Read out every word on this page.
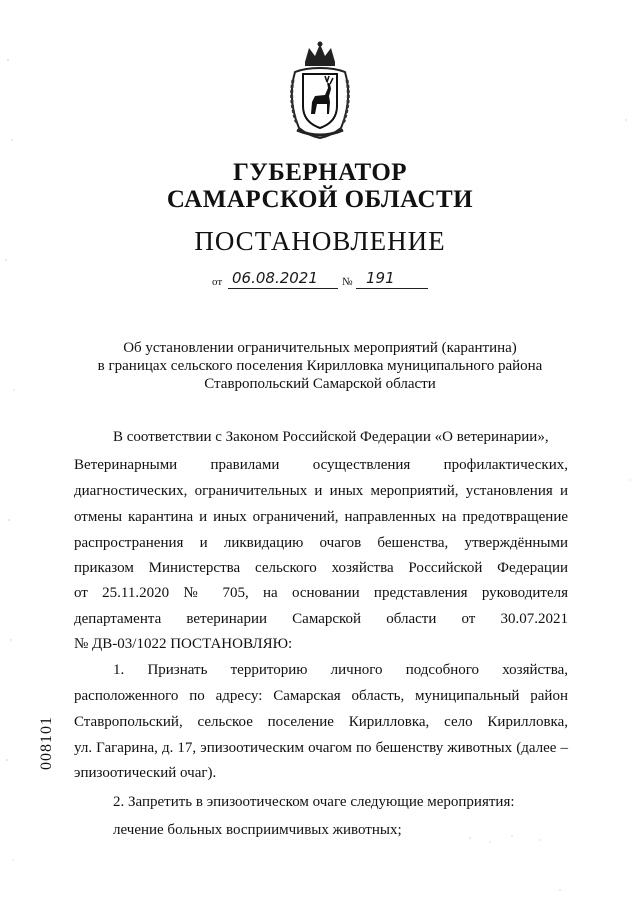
ГУБЕРНАТОР
САМАРСКОЙ ОБЛАСТИ
ПОСТАНОВЛЕНИЕ
от 06.08.2021 № 191
Об установлении ограничительных мероприятий (карантина)
в границах сельского поселения Кирилловка муниципального района
Ставропольский Самарской области
В соответствии с Законом Российской Федерации «О ветеринарии»,
Ветеринарными правилами осуществления профилактических,
диагностических, ограничительных и иных мероприятий, установления и
отмены карантина и иных ограничений, направленных на предотвращение
распространения и ликвидацию очагов бешенства, утверждёнными
приказом Министерства сельского хозяйства Российской Федерации
от 25.11.2020 № 705, на основании представления руководителя
департамента ветеринарии Самарской области от 30.07.2021
№ ДВ-03/1022 ПОСТАНОВЛЯЮ:
1. Признать территорию личного подсобного хозяйства,
расположенного по адресу: Самарская область, муниципальный район
Ставропольский, сельское поселение Кирилловка, село Кирилловка,
ул. Гагарина, д. 17, эпизоотическим очагом по бешенству животных (далее –
эпизоотический очаг).
2. Запретить в эпизоотическом очаге следующие мероприятия:
лечение больных восприимчивых животных;
008101
